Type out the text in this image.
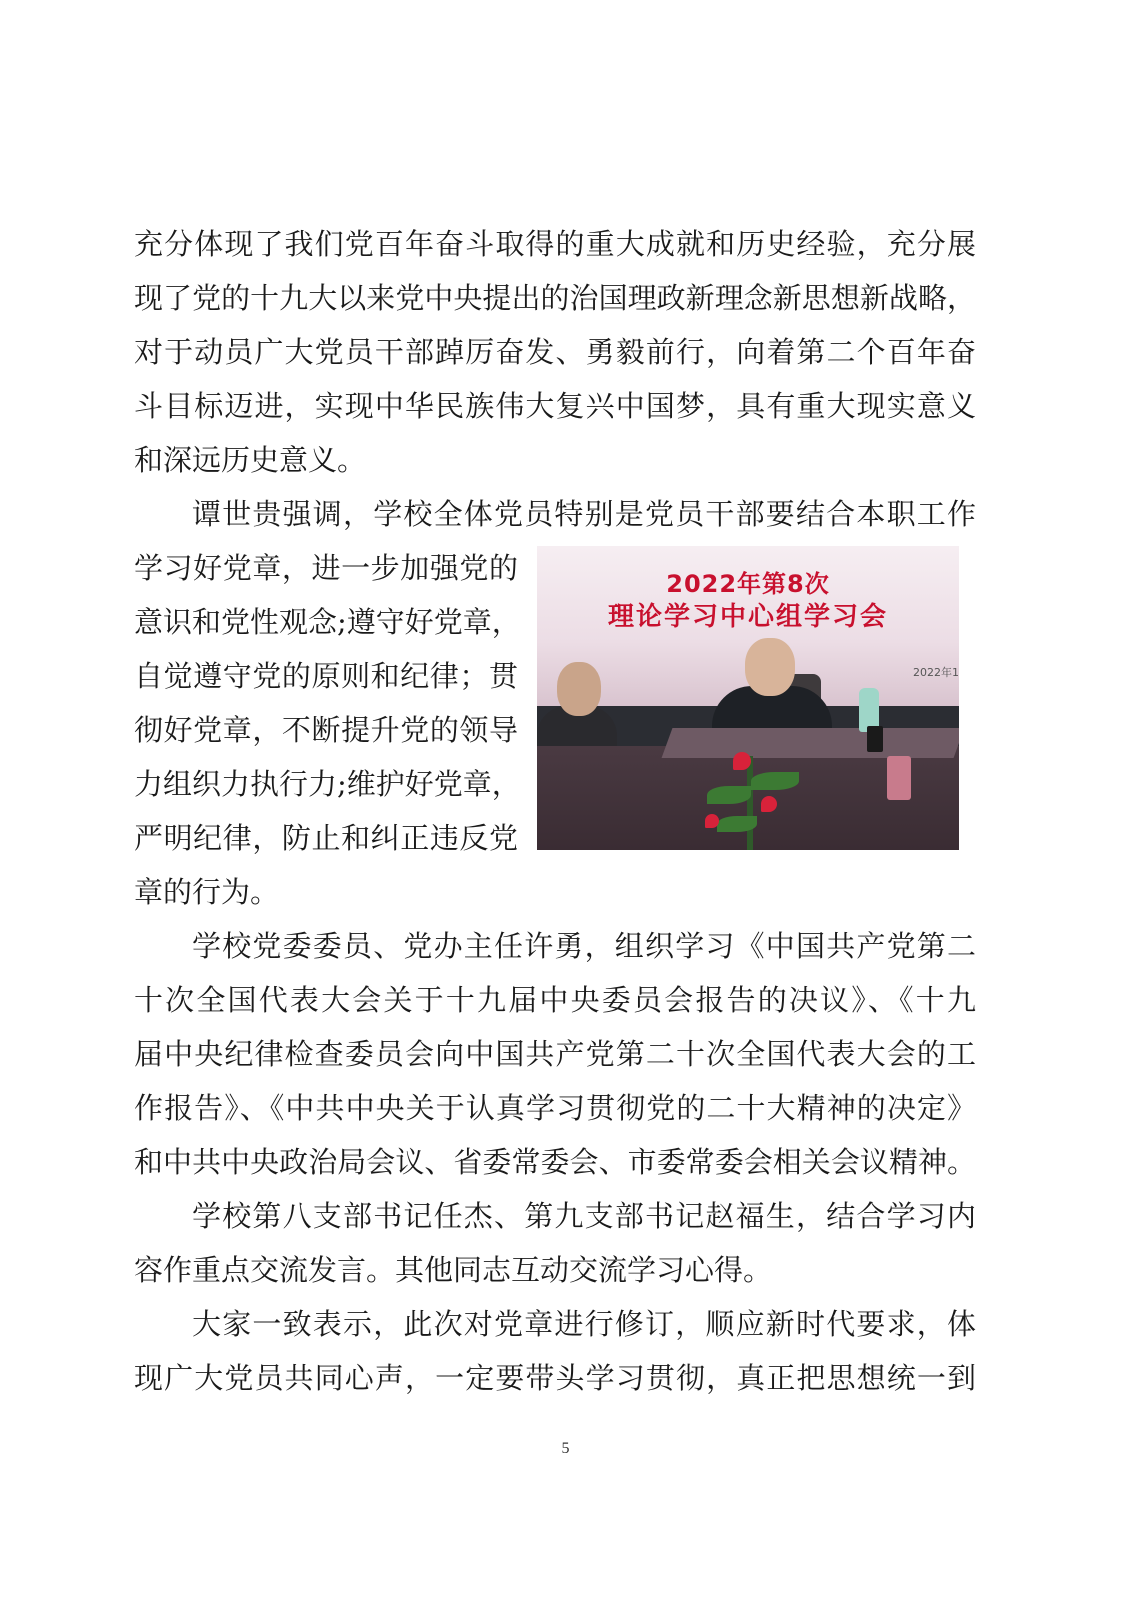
充分体现了我们党百年奋斗取得的重大成就和历史经验，充分展
现了党的十九大以来党中央提出的治国理政新理念新思想新战略，
对于动员广大党员干部踔厉奋发、勇毅前行，向着第二个百年奋
斗目标迈进，实现中华民族伟大复兴中国梦，具有重大现实意义
和深远历史意义。
谭世贵强调，学校全体党员特别是党员干部要结合本职工作
学习好党章，进一步加强党的
意识和党性观念;遵守好党章，
自觉遵守党的原则和纪律；贯
彻好党章，不断提升党的领导
力组织力执行力;维护好党章，
严明纪律，防止和纠正违反党
章的行为。
2022年第8次
理论学习中心组学习会
2022年1
学校党委委员、党办主任许勇，组织学习《中国共产党第二
十次全国代表大会关于十九届中央委员会报告的决议》、《十九
届中央纪律检查委员会向中国共产党第二十次全国代表大会的工
作报告》、《中共中央关于认真学习贯彻党的二十大精神的决定》
和中共中央政治局会议、省委常委会、市委常委会相关会议精神。
学校第八支部书记任杰、第九支部书记赵福生，结合学习内
容作重点交流发言。其他同志互动交流学习心得。
大家一致表示，此次对党章进行修订，顺应新时代要求，体
现广大党员共同心声，一定要带头学习贯彻，真正把思想统一到
5
